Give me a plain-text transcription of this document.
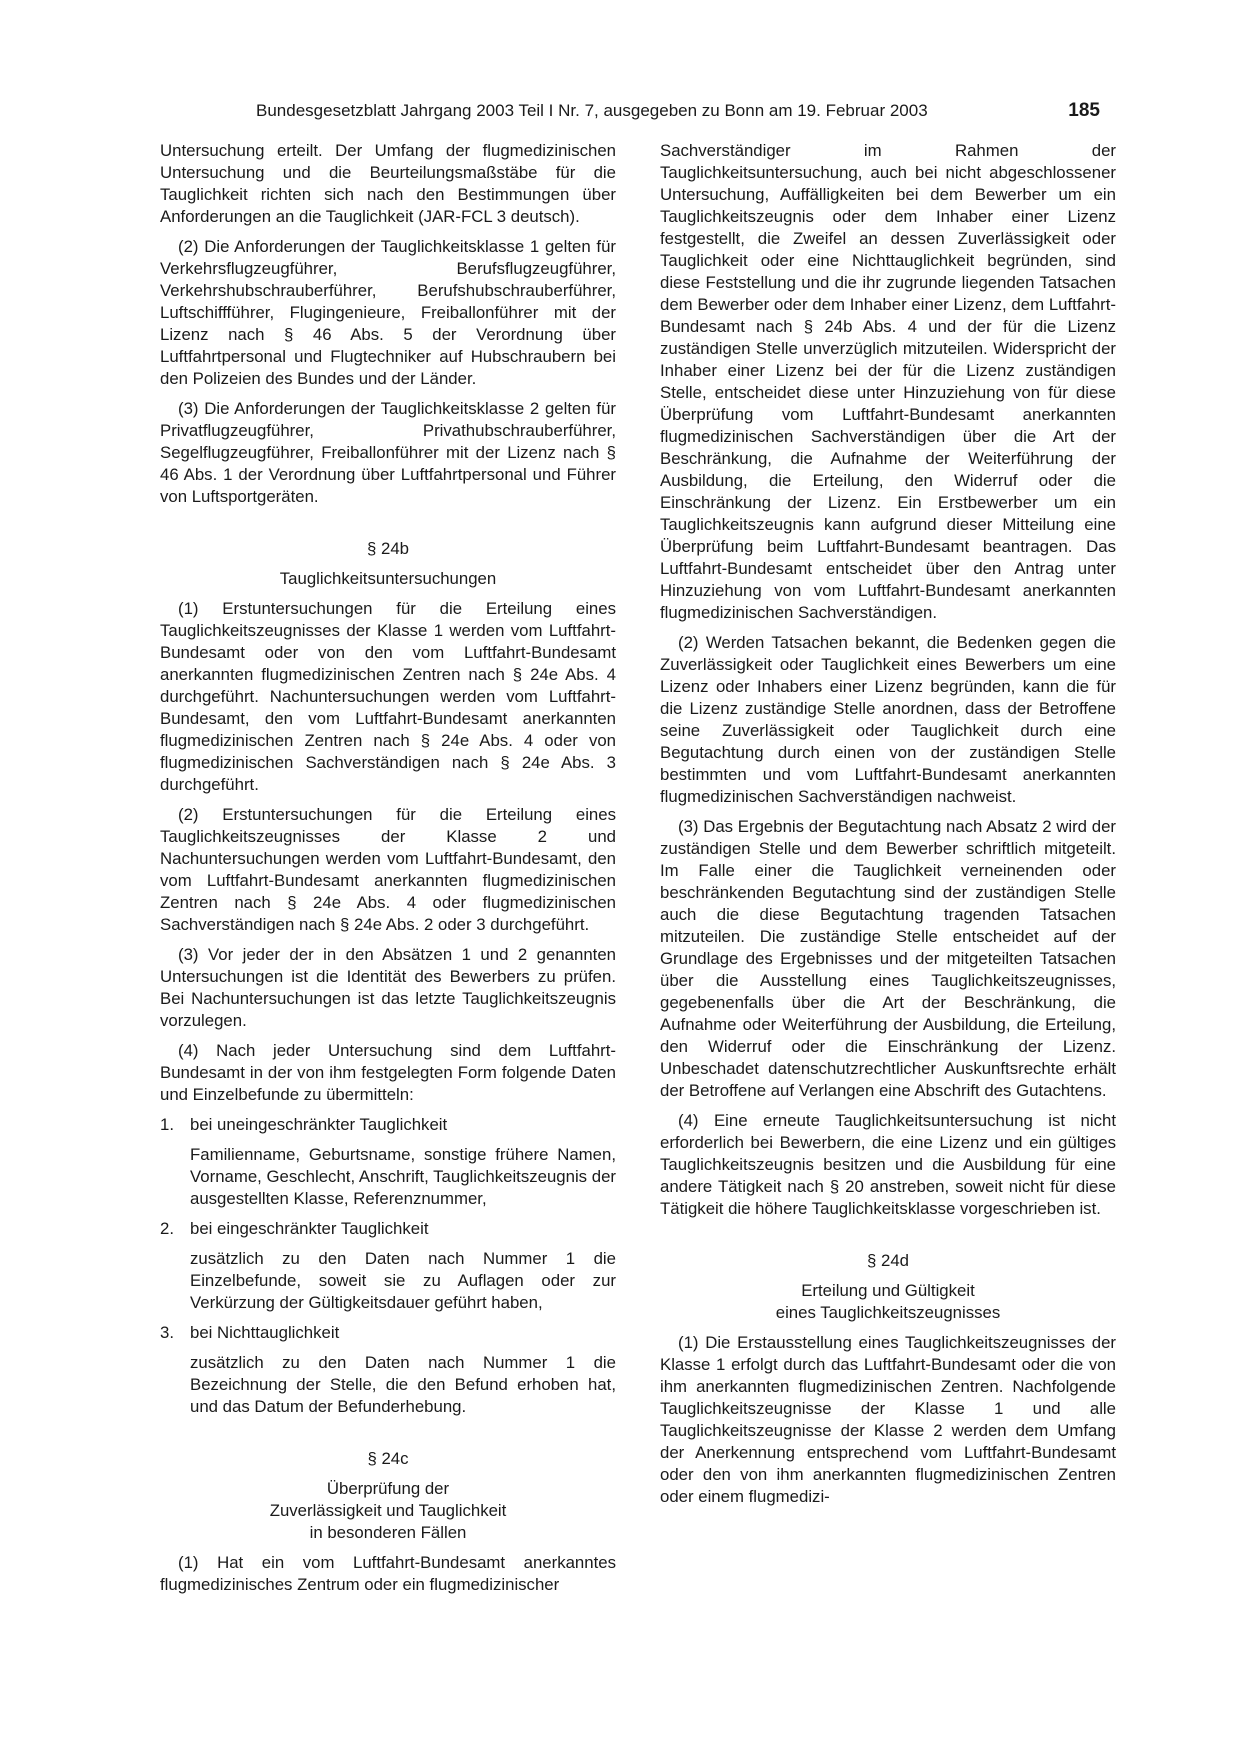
Bundesgesetzblatt Jahrgang 2003 Teil I Nr. 7, ausgegeben zu Bonn am 19. Februar 2003	185

Untersuchung erteilt. Der Umfang der flugmedizinischen Untersuchung und die Beurteilungsmaßstäbe für die Tauglichkeit richten sich nach den Bestimmungen über Anforderungen an die Tauglichkeit (JAR-FCL 3 deutsch).

(2) Die Anforderungen der Tauglichkeitsklasse 1 gelten für Verkehrsflugzeugführer, Berufsflugzeugführer, Verkehrshubschrauberführer, Berufshubschrauberführer, Luftschiffführer, Flugingenieure, Freiballonführer mit der Lizenz nach § 46 Abs. 5 der Verordnung über Luftfahrtpersonal und Flugtechniker auf Hubschraubern bei den Polizeien des Bundes und der Länder.

(3) Die Anforderungen der Tauglichkeitsklasse 2 gelten für Privatflugzeugführer, Privathubschrauberführer, Segelflugzeugführer, Freiballonführer mit der Lizenz nach § 46 Abs. 1 der Verordnung über Luftfahrtpersonal und Führer von Luftsportgeräten.

§ 24b
Tauglichkeitsuntersuchungen

(1) Erstuntersuchungen für die Erteilung eines Tauglichkeitszeugnisses der Klasse 1 werden vom Luftfahrt-Bundesamt oder von den vom Luftfahrt-Bundesamt anerkannten flugmedizinischen Zentren nach § 24e Abs. 4 durchgeführt. Nachuntersuchungen werden vom Luftfahrt-Bundesamt, den vom Luftfahrt-Bundesamt anerkannten flugmedizinischen Zentren nach § 24e Abs. 4 oder von flugmedizinischen Sachverständigen nach § 24e Abs. 3 durchgeführt.

(2) Erstuntersuchungen für die Erteilung eines Tauglichkeitszeugnisses der Klasse 2 und Nachuntersuchungen werden vom Luftfahrt-Bundesamt, den vom Luftfahrt-Bundesamt anerkannten flugmedizinischen Zentren nach § 24e Abs. 4 oder flugmedizinischen Sachverständigen nach § 24e Abs. 2 oder 3 durchgeführt.

(3) Vor jeder der in den Absätzen 1 und 2 genannten Untersuchungen ist die Identität des Bewerbers zu prüfen. Bei Nachuntersuchungen ist das letzte Tauglichkeitszeugnis vorzulegen.

(4) Nach jeder Untersuchung sind dem Luftfahrt-Bundesamt in der von ihm festgelegten Form folgende Daten und Einzelbefunde zu übermitteln:

1. bei uneingeschränkter Tauglichkeit

Familienname, Geburtsname, sonstige frühere Namen, Vorname, Geschlecht, Anschrift, Tauglichkeitszeugnis der ausgestellten Klasse, Referenznummer,

2. bei eingeschränkter Tauglichkeit

zusätzlich zu den Daten nach Nummer 1 die Einzelbefunde, soweit sie zu Auflagen oder zur Verkürzung der Gültigkeitsdauer geführt haben,

3. bei Nichttauglichkeit

zusätzlich zu den Daten nach Nummer 1 die Bezeichnung der Stelle, die den Befund erhoben hat, und das Datum der Befunderhebung.

§ 24c
Überprüfung der
Zuverlässigkeit und Tauglichkeit
in besonderen Fällen

(1) Hat ein vom Luftfahrt-Bundesamt anerkanntes flugmedizinisches Zentrum oder ein flugmedizinischer

Sachverständiger im Rahmen der Tauglichkeitsuntersuchung, auch bei nicht abgeschlossener Untersuchung, Auffälligkeiten bei dem Bewerber um ein Tauglichkeitszeugnis oder dem Inhaber einer Lizenz festgestellt, die Zweifel an dessen Zuverlässigkeit oder Tauglichkeit oder eine Nichttauglichkeit begründen, sind diese Feststellung und die ihr zugrunde liegenden Tatsachen dem Bewerber oder dem Inhaber einer Lizenz, dem Luftfahrt-Bundesamt nach § 24b Abs. 4 und der für die Lizenz zuständigen Stelle unverzüglich mitzuteilen. Widerspricht der Inhaber einer Lizenz bei der für die Lizenz zuständigen Stelle, entscheidet diese unter Hinzuziehung von für diese Überprüfung vom Luftfahrt-Bundesamt anerkannten flugmedizinischen Sachverständigen über die Art der Beschränkung, die Aufnahme der Weiterführung der Ausbildung, die Erteilung, den Widerruf oder die Einschränkung der Lizenz. Ein Erstbewerber um ein Tauglichkeitszeugnis kann aufgrund dieser Mitteilung eine Überprüfung beim Luftfahrt-Bundesamt beantragen. Das Luftfahrt-Bundesamt entscheidet über den Antrag unter Hinzuziehung von vom Luftfahrt-Bundesamt anerkannten flugmedizinischen Sachverständigen.

(2) Werden Tatsachen bekannt, die Bedenken gegen die Zuverlässigkeit oder Tauglichkeit eines Bewerbers um eine Lizenz oder Inhabers einer Lizenz begründen, kann die für die Lizenz zuständige Stelle anordnen, dass der Betroffene seine Zuverlässigkeit oder Tauglichkeit durch eine Begutachtung durch einen von der zuständigen Stelle bestimmten und vom Luftfahrt-Bundesamt anerkannten flugmedizinischen Sachverständigen nachweist.

(3) Das Ergebnis der Begutachtung nach Absatz 2 wird der zuständigen Stelle und dem Bewerber schriftlich mitgeteilt. Im Falle einer die Tauglichkeit verneinenden oder beschränkenden Begutachtung sind der zuständigen Stelle auch die diese Begutachtung tragenden Tatsachen mitzuteilen. Die zuständige Stelle entscheidet auf der Grundlage des Ergebnisses und der mitgeteilten Tatsachen über die Ausstellung eines Tauglichkeitszeugnisses, gegebenenfalls über die Art der Beschränkung, die Aufnahme oder Weiterführung der Ausbildung, die Erteilung, den Widerruf oder die Einschränkung der Lizenz. Unbeschadet datenschutzrechtlicher Auskunftsrechte erhält der Betroffene auf Verlangen eine Abschrift des Gutachtens.

(4) Eine erneute Tauglichkeitsuntersuchung ist nicht erforderlich bei Bewerbern, die eine Lizenz und ein gültiges Tauglichkeitszeugnis besitzen und die Ausbildung für eine andere Tätigkeit nach § 20 anstreben, soweit nicht für diese Tätigkeit die höhere Tauglichkeitsklasse vorgeschrieben ist.

§ 24d
Erteilung und Gültigkeit
eines Tauglichkeitszeugnisses

(1) Die Erstausstellung eines Tauglichkeitszeugnisses der Klasse 1 erfolgt durch das Luftfahrt-Bundesamt oder die von ihm anerkannten flugmedizinischen Zentren. Nachfolgende Tauglichkeitszeugnisse der Klasse 1 und alle Tauglichkeitszeugnisse der Klasse 2 werden dem Umfang der Anerkennung entsprechend vom Luftfahrt-Bundesamt oder den von ihm anerkannten flugmedizinischen Zentren oder einem flugmedizi-
